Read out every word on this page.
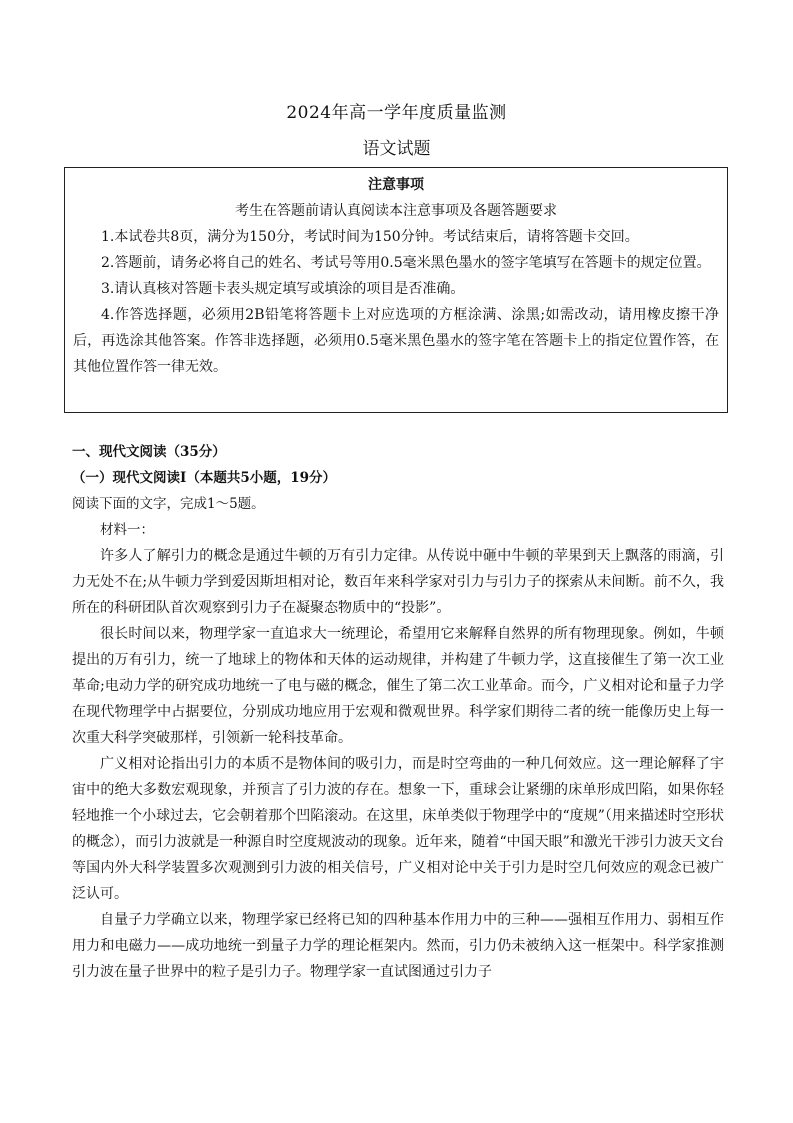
2024年高一学年度质量监测
语文试题
注意事项
考生在答题前请认真阅读本注意事项及各题答题要求

1.本试卷共8页，满分为150分，考试时间为150分钟。考试结束后，请将答题卡交回。

2.答题前，请务必将自己的姓名、考试号等用0.5毫米黑色墨水的签字笔填写在答题卡的规定位置。

3.请认真核对答题卡表头规定填写或填涂的项目是否准确。

4.作答选择题，必须用2B铅笔将答题卡上对应选项的方框涂满、涂黑;如需改动，请用橡皮擦干净后，再选涂其他答案。作答非选择题，必须用0.5毫米黑色墨水的签字笔在答题卡上的指定位置作答，在其他位置作答一律无效。

一、现代文阅读（35分）
（一）现代文阅读Ⅰ（本题共5小题，19分）
阅读下面的文字，完成1～5题。
材料一：

许多人了解引力的概念是通过牛顿的万有引力定律。从传说中砸中牛顿的苹果到天上飘落的雨滴，引力无处不在;从牛顿力学到爱因斯坦相对论，数百年来科学家对引力与引力子的探索从未间断。前不久，我所在的科研团队首次观察到引力子在凝聚态物质中的“投影”。

很长时间以来，物理学家一直追求大一统理论，希望用它来解释自然界的所有物理现象。例如，牛顿提出的万有引力，统一了地球上的物体和天体的运动规律，并构建了牛顿力学，这直接催生了第一次工业革命;电动力学的研究成功地统一了电与磁的概念，催生了第二次工业革命。而今，广义相对论和量子力学在现代物理学中占据要位，分别成功地应用于宏观和微观世界。科学家们期待二者的统一能像历史上每一次重大科学突破那样，引领新一轮科技革命。

广义相对论指出引力的本质不是物体间的吸引力，而是时空弯曲的一种几何效应。这一理论解释了宇宙中的绝大多数宏观现象，并预言了引力波的存在。想象一下，重球会让紧绷的床单形成凹陷，如果你轻轻地推一个小球过去，它会朝着那个凹陷滚动。在这里，床单类似于物理学中的“度规”（用来描述时空形状的概念），而引力波就是一种源自时空度规波动的现象。近年来，随着“中国天眼”和激光干涉引力波天文台等国内外大科学装置多次观测到引力波的相关信号，广义相对论中关于引力是时空几何效应的观念已被广泛认可。

自量子力学确立以来，物理学家已经将已知的四种基本作用力中的三种——强相互作用力、弱相互作用力和电磁力——成功地统一到量子力学的理论框架内。然而，引力仍未被纳入这一框架中。科学家推测引力波在量子世界中的粒子是引力子。物理学家一直试图通过引力子
